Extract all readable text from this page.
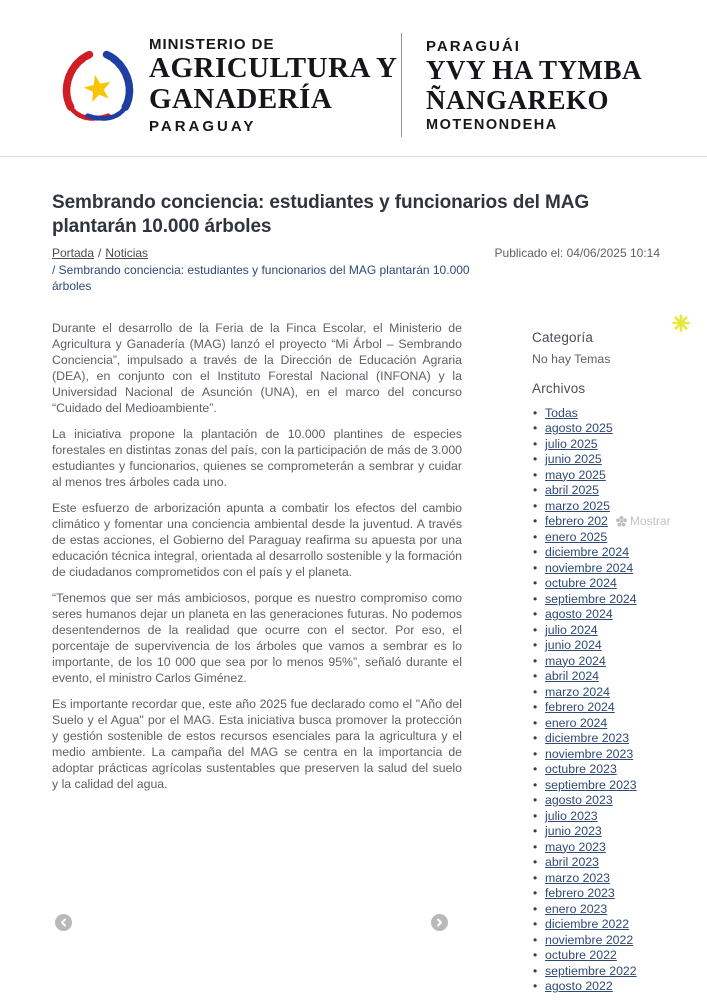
MINISTERIO DE
AGRICULTURA Y
GANADERÍA
PARAGUAY
PARAGUÁI
YVY HA TYMBA
ÑANGAREKO
MOTENONDEHA
Sembrando conciencia: estudiantes y funcionarios del MAG plantarán 10.000 árboles
Portada / Noticias
/ Sembrando conciencia: estudiantes y funcionarios del MAG plantarán 10.000 árboles
Publicado el: 04/06/2025 10:14

Durante el desarrollo de la Feria de la Finca Escolar, el Ministerio de Agricultura y Ganadería (MAG) lanzó el proyecto “Mi Árbol – Sembrando Conciencia”, impulsado a través de la Dirección de Educación Agraria (DEA), en conjunto con el Instituto Forestal Nacional (INFONA) y la Universidad Nacional de Asunción (UNA), en el marco del concurso “Cuidado del Medioambiente”.

La iniciativa propone la plantación de 10.000 plantines de especies forestales en distintas zonas del país, con la participación de más de 3.000 estudiantes y funcionarios, quienes se comprometerán a sembrar y cuidar al menos tres árboles cada uno.

Este esfuerzo de arborización apunta a combatir los efectos del cambio climático y fomentar una conciencia ambiental desde la juventud. A través de estas acciones, el Gobierno del Paraguay reafirma su apuesta por una educación técnica integral, orientada al desarrollo sostenible y la formación de ciudadanos comprometidos con el país y el planeta.

“Tenemos que ser más ambiciosos, porque es nuestro compromiso como seres humanos dejar un planeta en las generaciones futuras. No podemos desentendernos de la realidad que ocurre con el sector. Por eso, el porcentaje de supervivencia de los árboles que vamos a sembrar es lo importante, de los 10 000 que sea por lo menos 95%”, señaló durante el evento, el ministro Carlos Giménez.

Es importante recordar que, este año 2025 fue declarado como el "Año del Suelo y el Agua" por el MAG. Esta iniciativa busca promover la protección y gestión sostenible de estos recursos esenciales para la agricultura y el medio ambiente. La campaña del MAG se centra en la importancia de adoptar prácticas agrícolas sustentables que preserven la salud del suelo y la calidad del agua.

Categoría
No hay Temas
Archivos
• Todas
• agosto 2025
• julio 2025
• junio 2025
• mayo 2025
• abril 2025
• marzo 2025
• febrero 202 Mostrar
• enero 2025
• diciembre 2024
• noviembre 2024
• octubre 2024
• septiembre 2024
• agosto 2024
• julio 2024
• junio 2024
• mayo 2024
• abril 2024
• marzo 2024
• febrero 2024
• enero 2024
• diciembre 2023
• noviembre 2023
• octubre 2023
• septiembre 2023
• agosto 2023
• julio 2023
• junio 2023
• mayo 2023
• abril 2023
• marzo 2023
• febrero 2023
• enero 2023
• diciembre 2022
• noviembre 2022
• octubre 2022
• septiembre 2022
• agosto 2022
